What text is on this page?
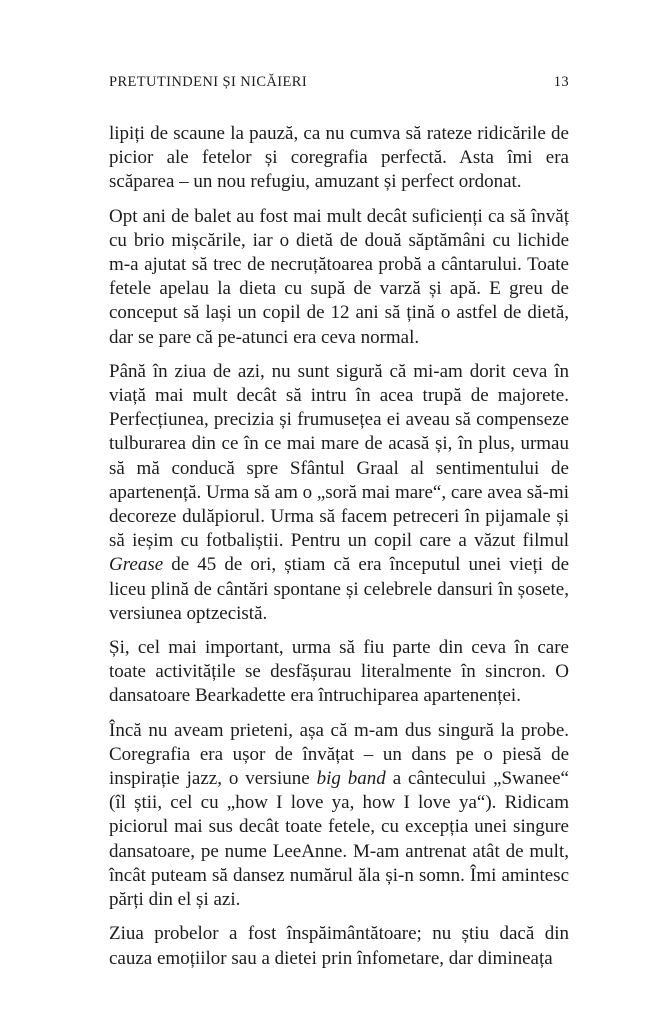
PRETUTINDENI ȘI NICĂIERI	13

lipiți de scaune la pauză, ca nu cumva să rateze ridicările de picior ale fetelor și coregrafia perfectă. Asta îmi era scăparea – un nou refugiu, amuzant și perfect ordonat.

Opt ani de balet au fost mai mult decât suficienți ca să învăț cu brio mișcările, iar o dietă de două săptămâni cu lichide m-a ajutat să trec de necruțătoarea probă a cântarului. Toate fetele apelau la dieta cu supă de varză și apă. E greu de conceput să lași un copil de 12 ani să țină o astfel de dietă, dar se pare că pe-atunci era ceva normal.

Până în ziua de azi, nu sunt sigură că mi-am dorit ceva în viață mai mult decât să intru în acea trupă de majorete. Perfecțiunea, precizia și frumusețea ei aveau să compenseze tulburarea din ce în ce mai mare de acasă și, în plus, urmau să mă conducă spre Sfântul Graal al sentimentului de apartenență. Urma să am o „soră mai mare“, care avea să-mi decoreze dulăpiorul. Urma să facem petreceri în pijamale și să ieșim cu fotbaliștii. Pentru un copil care a văzut filmul Grease de 45 de ori, știam că era începutul unei vieți de liceu plină de cântări spontane și celebrele dansuri în șosete, versiunea optzecistă.

Și, cel mai important, urma să fiu parte din ceva în care toate activitățile se desfășurau literalmente în sincron. O dansatoare Bearkadette era întruchiparea apartenenței.

Încă nu aveam prieteni, așa că m-am dus singură la probe. Coregrafia era ușor de învățat – un dans pe o piesă de inspirație jazz, o versiune big band a cântecului „Swanee“ (îl știi, cel cu „how I love ya, how I love ya“). Ridicam piciorul mai sus decât toate fetele, cu excepția unei singure dansatoare, pe nume LeeAnne. M-am antrenat atât de mult, încât puteam să dansez numărul ăla și-n somn. Îmi amintesc părți din el și azi.

Ziua probelor a fost înspăimântătoare; nu știu dacă din cauza emoțiilor sau a dietei prin înfometare, dar dimineața
